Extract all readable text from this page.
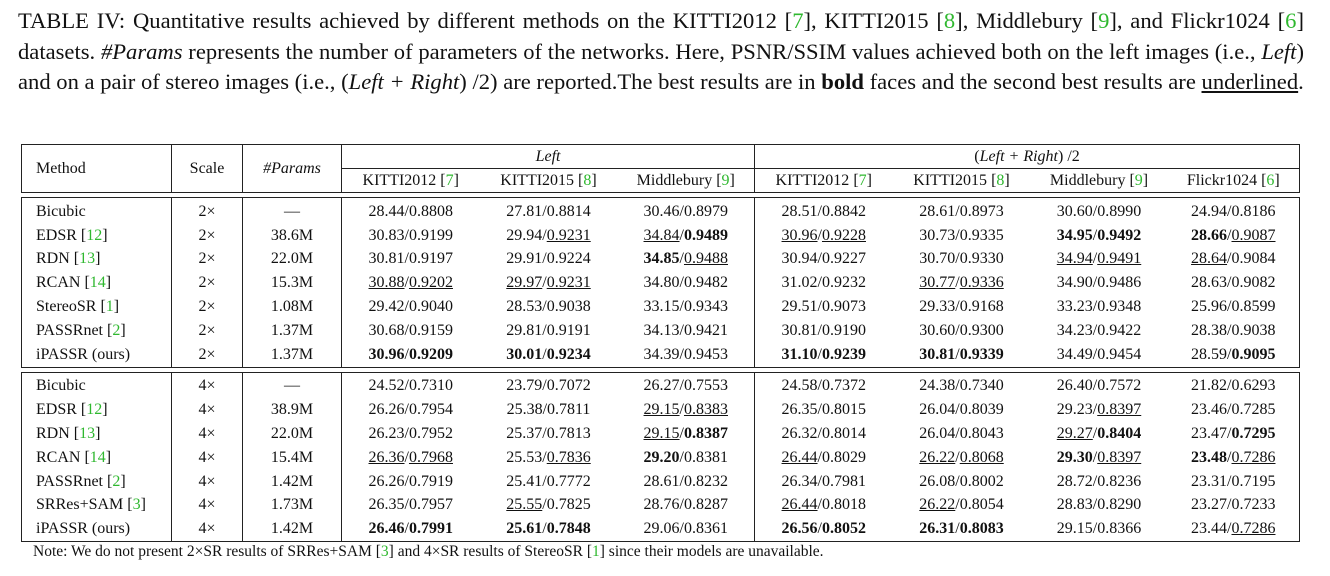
TABLE IV: Quantitative results achieved by different methods on the KITTI2012 [7], KITTI2015 [8], Middlebury [9], and Flickr1024 [6] datasets. #Params represents the number of parameters of the networks. Here, PSNR/SSIM values achieved both on the left images (i.e., Left) and on a pair of stereo images (i.e., (Left + Right) /2) are reported.The best results are in bold faces and the second best results are underlined.
Method	Scale	#Params	Left			(Left + Right) /2			
			KITTI2012 [7]	KITTI2015 [8]	Middlebury [9]	KITTI2012 [7]	KITTI2015 [8]	Middlebury [9]	Flickr1024 [6]

Bicubic	2×	—	28.44/0.8808	27.81/0.8814	30.46/0.8979	28.51/0.8842	28.61/0.8973	30.60/0.8990	24.94/0.8186
EDSR [12]	2×	38.6M	30.83/0.9199	29.94/0.9231	34.84/0.9489	30.96/0.9228	30.73/0.9335	34.95/0.9492	28.66/0.9087
RDN [13]	2×	22.0M	30.81/0.9197	29.91/0.9224	34.85/0.9488	30.94/0.9227	30.70/0.9330	34.94/0.9491	28.64/0.9084
RCAN [14]	2×	15.3M	30.88/0.9202	29.97/0.9231	34.80/0.9482	31.02/0.9232	30.77/0.9336	34.90/0.9486	28.63/0.9082
StereoSR [1]	2×	1.08M	29.42/0.9040	28.53/0.9038	33.15/0.9343	29.51/0.9073	29.33/0.9168	33.23/0.9348	25.96/0.8599
PASSRnet [2]	2×	1.37M	30.68/0.9159	29.81/0.9191	34.13/0.9421	30.81/0.9190	30.60/0.9300	34.23/0.9422	28.38/0.9038
iPASSR (ours)	2×	1.37M	30.96/0.9209	30.01/0.9234	34.39/0.9453	31.10/0.9239	30.81/0.9339	34.49/0.9454	28.59/0.9095

Bicubic	4×	—	24.52/0.7310	23.79/0.7072	26.27/0.7553	24.58/0.7372	24.38/0.7340	26.40/0.7572	21.82/0.6293
EDSR [12]	4×	38.9M	26.26/0.7954	25.38/0.7811	29.15/0.8383	26.35/0.8015	26.04/0.8039	29.23/0.8397	23.46/0.7285
RDN [13]	4×	22.0M	26.23/0.7952	25.37/0.7813	29.15/0.8387	26.32/0.8014	26.04/0.8043	29.27/0.8404	23.47/0.7295
RCAN [14]	4×	15.4M	26.36/0.7968	25.53/0.7836	29.20/0.8381	26.44/0.8029	26.22/0.8068	29.30/0.8397	23.48/0.7286
PASSRnet [2]	4×	1.42M	26.26/0.7919	25.41/0.7772	28.61/0.8232	26.34/0.7981	26.08/0.8002	28.72/0.8236	23.31/0.7195
SRRes+SAM [3]	4×	1.73M	26.35/0.7957	25.55/0.7825	28.76/0.8287	26.44/0.8018	26.22/0.8054	28.83/0.8290	23.27/0.7233
iPASSR (ours)	4×	1.42M	26.46/0.7991	25.61/0.7848	29.06/0.8361	26.56/0.8052	26.31/0.8083	29.15/0.8366	23.44/0.7286
Note: We do not present 2×SR results of SRRes+SAM [3] and 4×SR results of StereoSR [1] since their models are unavailable.
